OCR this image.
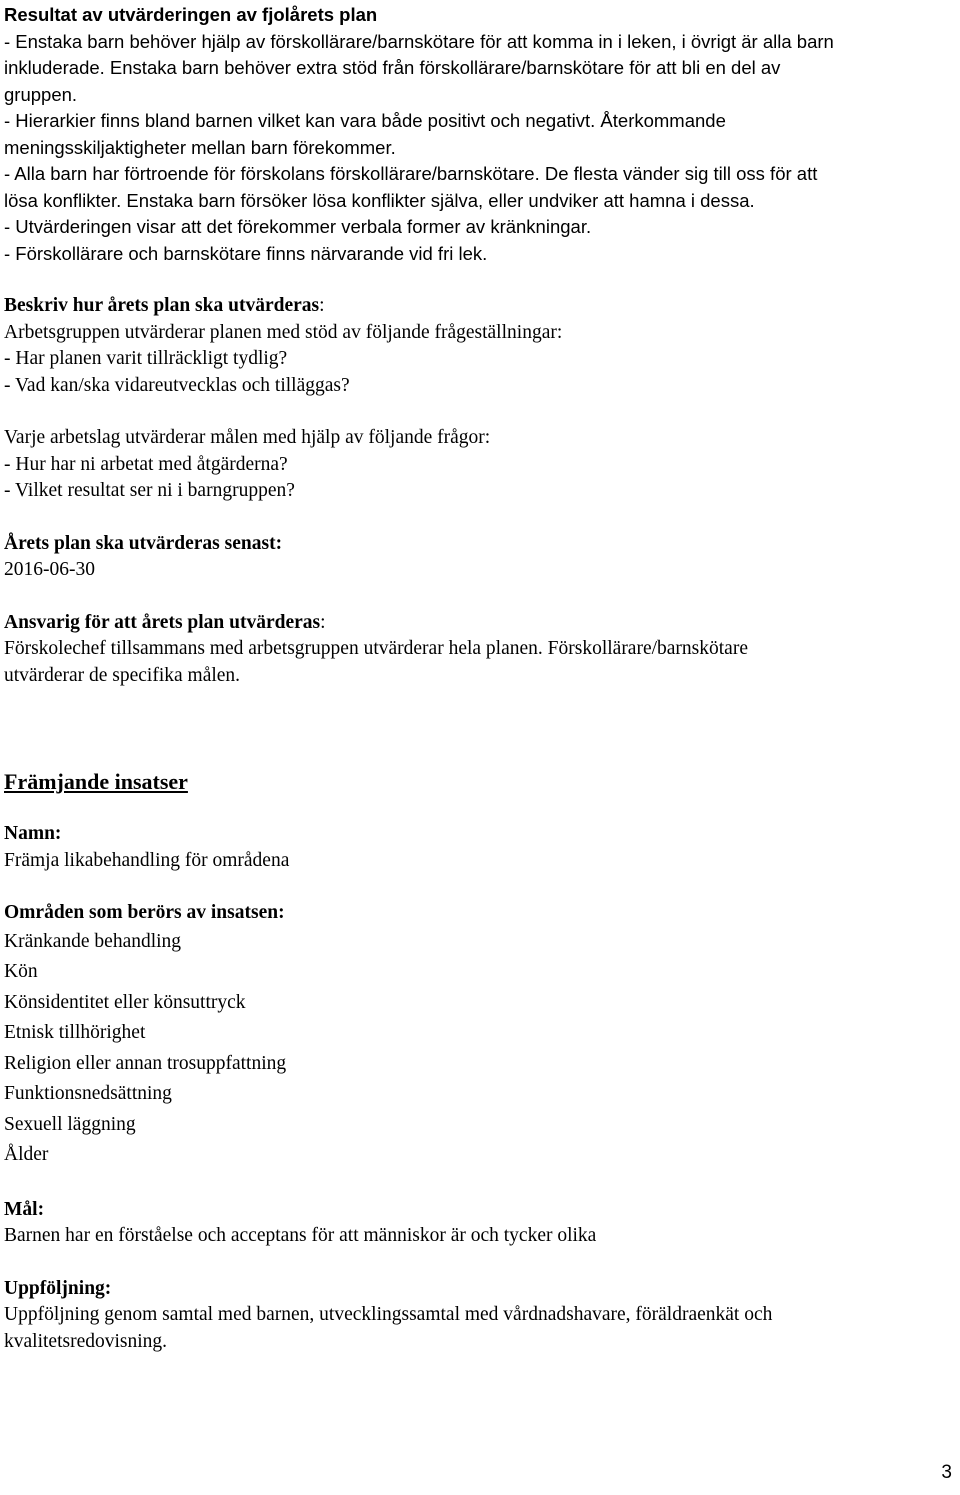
Resultat av utvärderingen av fjolårets plan
- Enstaka barn behöver hjälp av förskollärare/barnskötare för att komma in i leken, i övrigt är alla barn
inkluderade. Enstaka barn behöver extra stöd från förskollärare/barnskötare för att bli en del av
gruppen.
- Hierarkier finns bland barnen vilket kan vara både positivt och negativt. Återkommande
meningsskiljaktigheter mellan barn förekommer.
- Alla barn har förtroende för förskolans förskollärare/barnskötare. De flesta vänder sig till oss för att
lösa konflikter. Enstaka barn försöker lösa konflikter själva, eller undviker att hamna i dessa.
- Utvärderingen visar att det förekommer verbala former av kränkningar.
- Förskollärare och barnskötare finns närvarande vid fri lek.
Beskriv hur årets plan ska utvärderas:
Arbetsgruppen utvärderar planen med stöd av följande frågeställningar:
- Har planen varit tillräckligt tydlig?
- Vad kan/ska vidareutvecklas och tilläggas?
Varje arbetslag utvärderar målen med hjälp av följande frågor:
- Hur har ni arbetat med åtgärderna?
- Vilket resultat ser ni i barngruppen?
Årets plan ska utvärderas senast:
2016-06-30
Ansvarig för att årets plan utvärderas:
Förskolechef tillsammans med arbetsgruppen utvärderar hela planen. Förskollärare/barnskötare
utvärderar de specifika målen.
Främjande insatser
Namn:
Främja likabehandling för områdena
Områden som berörs av insatsen:
Kränkande behandling
Kön
Könsidentitet eller könsuttryck
Etnisk tillhörighet
Religion eller annan trosuppfattning
Funktionsnedsättning
Sexuell läggning
Ålder
Mål:
Barnen har en förståelse och acceptans för att människor är och tycker olika
Uppföljning:
Uppföljning genom samtal med barnen, utvecklingssamtal med vårdnadshavare, föräldraenkät och
kvalitetsredovisning.
3
